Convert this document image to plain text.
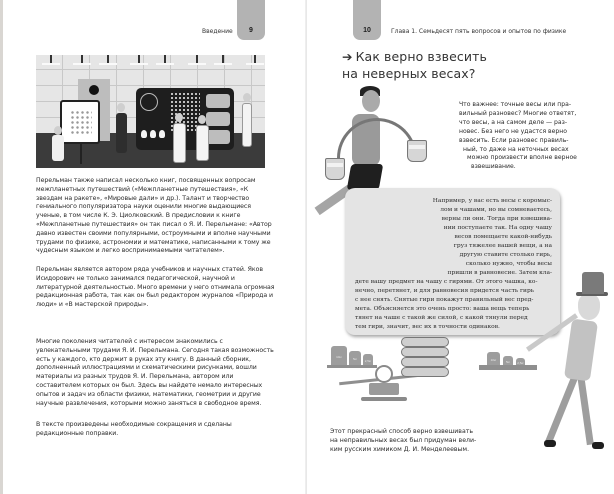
Введение	9

Перельман также написал несколько книг, посвященных вопросам межпланетных путешествий («Межпланетные путешествия», «К звездам на ракете», «Мировые дали» и др.). Талант и творчество гениального популяризатора науки оценили многие выдающиеся ученые, в том числе К. Э. Циолковский. В предисловии к книге «Межпланетные путешествия» он так писал о Я. И. Перельмане: «Автор давно известен своими популярными, остроумными и вполне научными трудами по физике, астрономии и математике, написанными к тому же чудесным языком и легко воспринимаемыми читателем».

Перельман является автором ряда учебников и научных статей. Яков Исидорович не только занимался педагогической, научной и литературной деятельностью. Много времени у него отнимала огромная редакционная работа, так как он был редактором журналов «Природа и люди» и «В мастерской природы».

Многие поколения читателей с интересом знакомились с увлекательными трудами Я. И. Перельмана. Сегодня такая возможность есть у каждого, кто держит в руках эту книгу. В данный сборник, дополненный иллюстрациями и схематическими рисунками, вошли материалы из разных трудов Я. И. Перельмана, автором или составителем которых он был. Здесь вы найдете немало интересных опытов и задач из области физики, математики, геометрии и другие научные развлечения, которыми можно заняться в свободное время.

В тексте произведены необходимые сокращения и сделаны редакционные поправки.

10	Глава 1. Семьдесят пять вопросов и опытов по физике
➔ Как верно взвесить
на неверных весах?
Что важнее: точные весы или пра-
вильный разновес? Многие ответят,
что весы, а на самом деле — раз-
новес. Без него не удастся верно
взвесить. Если разновес правиль-
ный, то даже на неточных весах
можно произвести вполне верное
взвешивание.
Например, у вас есть весы с коромыс-
лом и чашами, но вы сомневаетесь,
верны ли они. Тогда при взвешива-
нии поступаете так. На одну чашу
весов помещаете какой-нибудь
груз тяжелее вашей вещи, а на
другую ставите столько гирь,
сколько нужно, чтобы весы
пришли в равновесие. Затем кла-
дете вашу предмет на чашу с гирями. От этого чашка, ко-
нечно, перетянет, и для равновесия придется часть гирь
с нее снять. Снятые гири покажут правильный вес пред-
мета. Объясняется это очень просто: ваша вещь теперь
тянет на чаше с такой же силой, с какой тянули перед
тем гири, значит, вес их в точности одинаков.
10кг
5кг	2,5кг	10кг
5кг	2,5кг
Этот прекрасный способ верно взвешивать
на неправильных весах был придуман вели-
ким русским химиком Д. И. Менделеевым.
